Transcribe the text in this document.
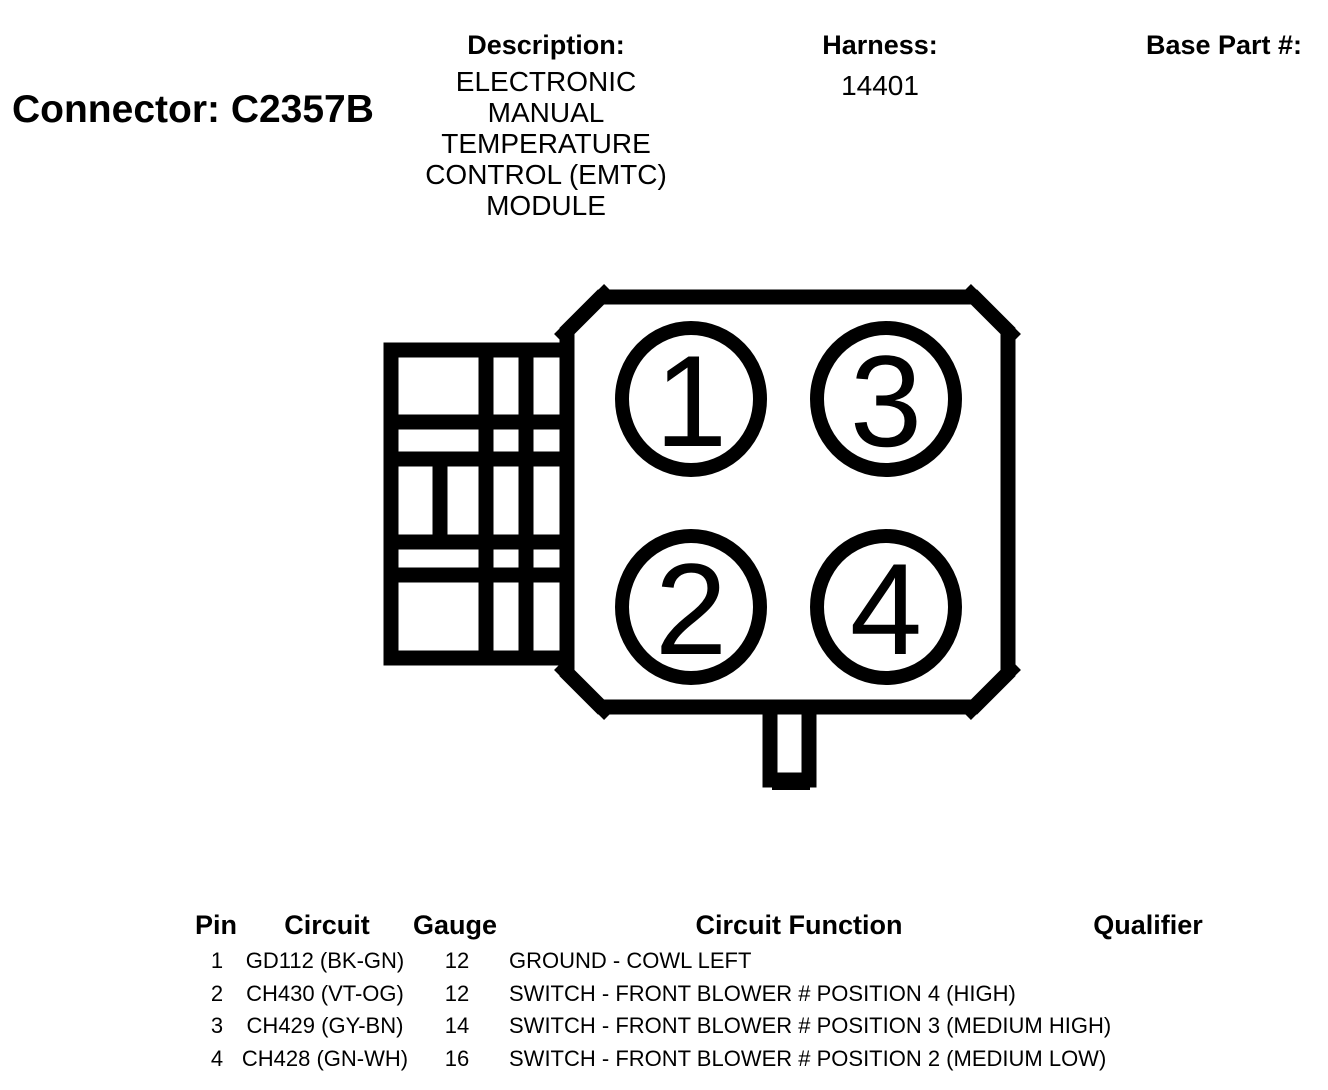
Connector: C2357B
Description:
ELECTRONIC MANUAL
TEMPERATURE
CONTROL (EMTC)
MODULE
Harness:
14401
Base Part #:
1 3
2 4
Pin Circuit Gauge	Circuit Function	Qualifier
1 GD112 (BK-GN) 12 GROUND - COWL LEFT
2 CH430 (VT-OG) 12 SWITCH - FRONT BLOWER # POSITION 4 (HIGH)
3 CH429 (GY-BN) 14 SWITCH - FRONT BLOWER # POSITION 3 (MEDIUM HIGH)
4 CH428 (GN-WH) 16 SWITCH - FRONT BLOWER # POSITION 2 (MEDIUM LOW)
